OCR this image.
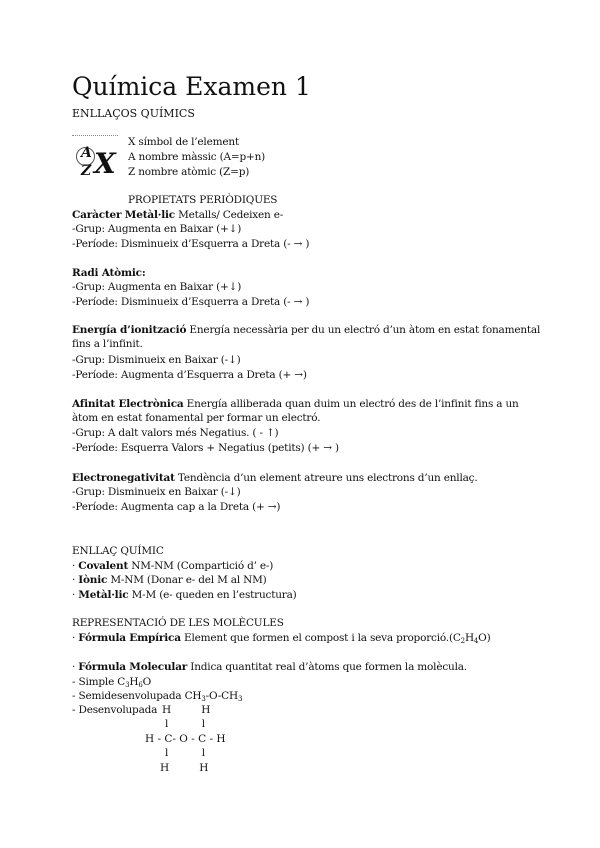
Química Examen 1
ENLLAÇOS QUÍMICS
A
Z X
X símbol de l’element
A nombre màssic (A=p+n)
Z nombre atòmic (Z=p)
PROPIETATS PERIÒDIQUES
Caràcter Metàl·lic Metalls/ Cedeixen e-
-Grup: Augmenta en Baixar (+↓)
-Període: Disminueix d’Esquerra a Dreta (- → )
Radi Atòmic:
-Grup: Augmenta en Baixar (+↓)
-Període: Disminueix d’Esquerra a Dreta (- → )
Energía d’ionització Energía necessària per du un electró d’un àtom en estat fonamental
fins a l’infinit.
-Grup: Disminueix en Baixar (-↓)
-Període: Augmenta d’Esquerra a Dreta (+ →)
Afinitat Electrònica Energía alliberada quan duim un electró des de l’infinit fins a un
àtom en estat fonamental per formar un electró.
-Grup: A dalt valors més Negatius. ( - ↑)
-Període: Esquerra Valors + Negatius (petits) (+ → )
Electronegativitat Tendència d’un element atreure uns electrons d’un enllaç.
-Grup: Disminueix en Baixar (-↓)
-Període: Augmenta cap a la Dreta (+ →)
ENLLAÇ QUÍMIC
· Covalent NM-NM (Compartició d’ e-)
· Iònic M-NM (Donar e- del M al NM)
· Metàl·lic M-M (e- queden en l’estructura)
REPRESENTACIÓ DE LES MOLÈCULES
· Fórmula Empírica Element que formen el compost i la seva $proporció.(C_2H_4O)$
· Fórmula Molecular Indica quantitat real d’àtoms que formen la molècula.
- Simple $C_3H_6O$
- Semidesenvolupada $CH_3-O-CH_3$
- Desenvolupada H         H
l          l
H - C- O - C - H
l          l
H         H
